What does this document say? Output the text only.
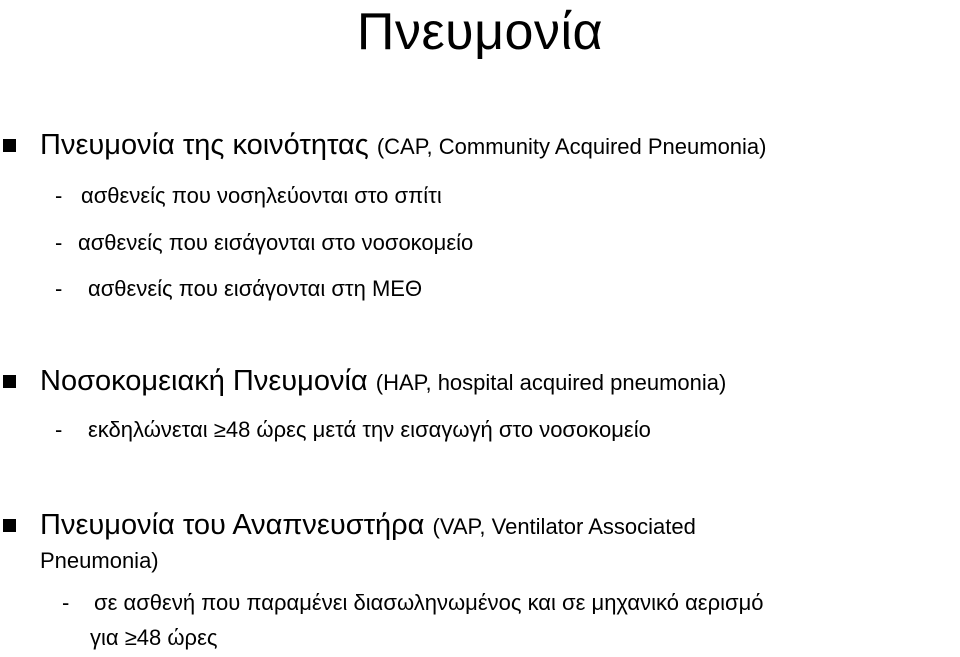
Πνευμονία
Πνευμονία της κοινότητας (CAP, Community Acquired Pneumonia)
- ασθενείς που νοσηλεύονται στο σπίτι
- ασθενείς που εισάγονται στο νοσοκομείο
- ασθενείς που εισάγονται στη ΜΕΘ
Νοσοκομειακή Πνευμονία (HAP, hospital acquired pneumonia)
- εκδηλώνεται ≥48 ώρες μετά την εισαγωγή στο νοσοκομείο
Πνευμονία του Αναπνευστήρα (VAP, Ventilator Associated
Pneumonia)
- σε ασθενή που παραμένει διασωληνωμένος και σε μηχανικό αερισμό
για ≥48 ώρες
